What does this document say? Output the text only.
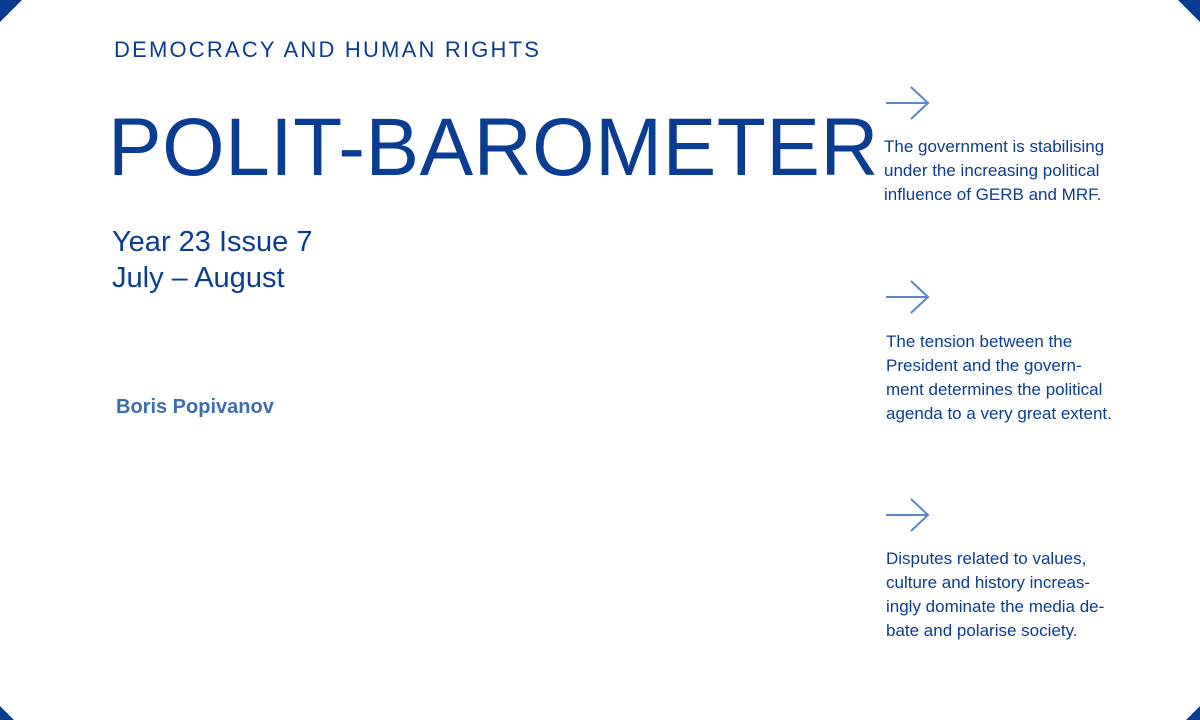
DEMOCRACY AND HUMAN RIGHTS
POLIT-BAROMETER
Year 23 Issue 7
July – August
Boris Popivanov
The government is stabilising
under the increasing political
influence of GERB and MRF.
The tension between the
President and the govern-
ment determines the political
agenda to a very great extent.
Disputes related to values,
culture and history increas-
ingly dominate the media de-
bate and polarise society.
